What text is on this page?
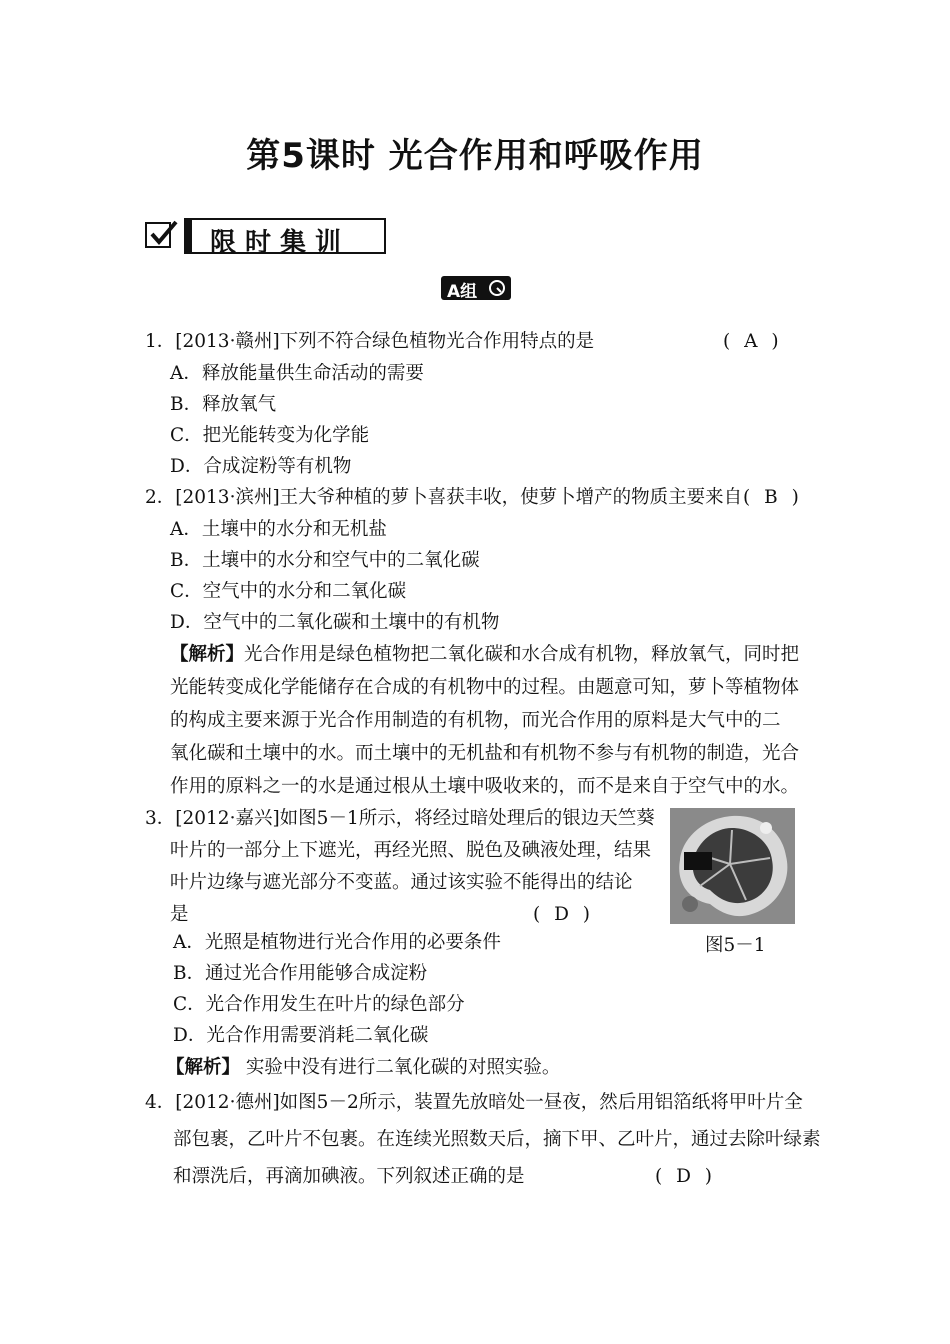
第5课时 光合作用和呼吸作用
限时集训
A组
1．[2013·赣州]下列不符合绿色植物光合作用特点的是	( A )
A．释放能量供生命活动的需要
B．释放氧气
C．把光能转变为化学能
D．合成淀粉等有机物
2．[2013·滨州]王大爷种植的萝卜喜获丰收，使萝卜增产的物质主要来自 ( B )
A．土壤中的水分和无机盐
B．土壤中的水分和空气中的二氧化碳
C．空气中的水分和二氧化碳
D．空气中的二氧化碳和土壤中的有机物
【解析】光合作用是绿色植物把二氧化碳和水合成有机物，释放氧气，同时把
光能转变成化学能储存在合成的有机物中的过程。由题意可知，萝卜等植物体
的构成主要来源于光合作用制造的有机物，而光合作用的原料是大气中的二
氧化碳和土壤中的水。而土壤中的无机盐和有机物不参与有机物的制造，光合
作用的原料之一的水是通过根从土壤中吸收来的，而不是来自于空气中的水。
3．[2012·嘉兴]如图5－1所示，将经过暗处理后的银边天竺葵
叶片的一部分上下遮光，再经光照、脱色及碘液处理，结果
叶片边缘与遮光部分不变蓝。通过该实验不能得出的结论
是	( D )
图5－1
A．光照是植物进行光合作用的必要条件
B．通过光合作用能够合成淀粉
C．光合作用发生在叶片的绿色部分
D．光合作用需要消耗二氧化碳
【解析】 实验中没有进行二氧化碳的对照实验。
4．[2012·德州]如图5－2所示，装置先放暗处一昼夜，然后用铝箔纸将甲叶片全
部包裹，乙叶片不包裹。在连续光照数天后，摘下甲、乙叶片，通过去除叶绿素
和漂洗后，再滴加碘液。下列叙述正确的是	( D )
